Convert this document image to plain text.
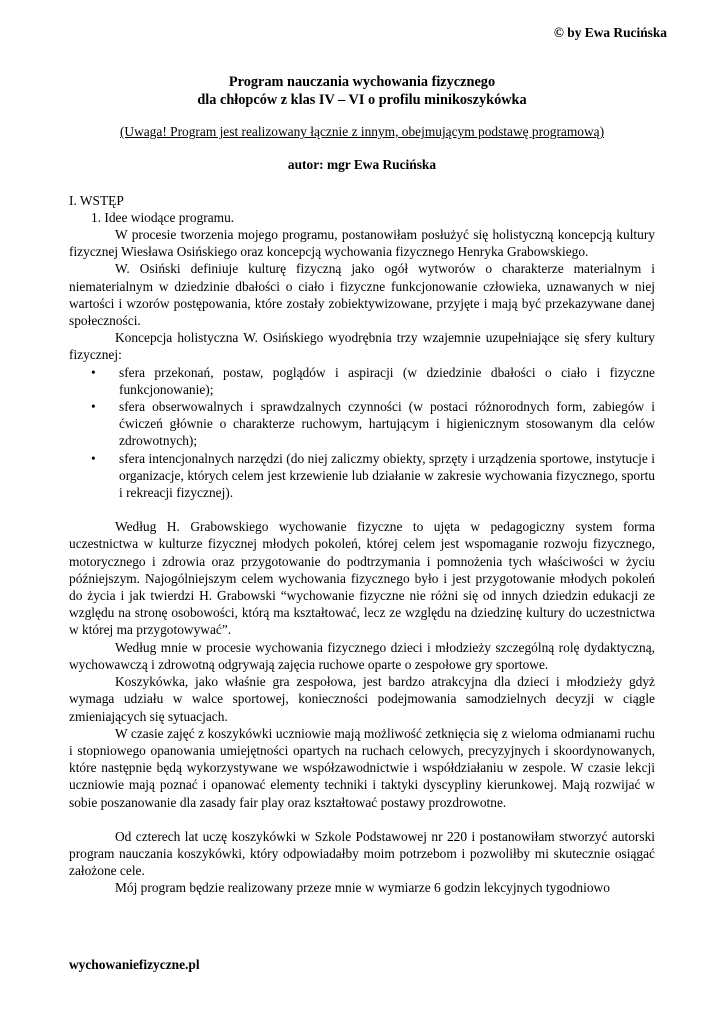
© by Ewa Rucińska

Program nauczania wychowania fizycznego
dla chłopców z klas IV – VI o profilu minikoszykówka

(Uwaga! Program jest realizowany łącznie z innym, obejmującym podstawę programową)

autor: mgr Ewa Rucińska

I. WSTĘP

1. Idee wiodące programu.

W procesie tworzenia mojego programu, postanowiłam posłużyć się holistyczną koncepcją kultury fizycznej Wiesława Osińskiego oraz koncepcją wychowania fizycznego Henryka Grabowskiego.

W. Osiński definiuje kulturę fizyczną jako ogół wytworów o charakterze materialnym i niematerialnym w dziedzinie dbałości o ciało i fizyczne funkcjonowanie człowieka, uznawanych w niej wartości i wzorów postępowania, które zostały zobiektywizowane, przyjęte i mają być przekazywane danej społeczności.

Koncepcja holistyczna W. Osińskiego wyodrębnia trzy wzajemnie uzupełniające się sfery kultury fizycznej:

• sfera przekonań, postaw, poglądów i aspiracji (w dziedzinie dbałości o ciało i fizyczne funkcjonowanie);
• sfera obserwowalnych i sprawdzalnych czynności (w postaci różnorodnych form, zabiegów i ćwiczeń głównie o charakterze ruchowym, hartującym i higienicznym stosowanym dla celów zdrowotnych);
• sfera intencjonalnych narzędzi (do niej zaliczmy obiekty, sprzęty i urządzenia sportowe, instytucje i organizacje, których celem jest krzewienie lub działanie w zakresie wychowania fizycznego, sportu i rekreacji fizycznej).

Według H. Grabowskiego wychowanie fizyczne to ujęta w pedagogiczny system forma uczestnictwa w kulturze fizycznej młodych pokoleń, której celem jest wspomaganie rozwoju fizycznego, motorycznego i zdrowia oraz przygotowanie do podtrzymania i pomnożenia tych właściwości w życiu późniejszym. Najogólniejszym celem wychowania fizycznego było i jest przygotowanie młodych pokoleń do życia i jak twierdzi H. Grabowski “wychowanie fizyczne nie różni się od innych dziedzin edukacji ze względu na stronę osobowości, którą ma kształtować, lecz ze względu na dziedzinę kultury do uczestnictwa w której ma przygotowywać”.

Według mnie w procesie wychowania fizycznego dzieci i młodzieży szczególną rolę dydaktyczną, wychowawczą i zdrowotną odgrywają zajęcia ruchowe oparte o zespołowe gry sportowe.

Koszykówka, jako właśnie gra zespołowa, jest bardzo atrakcyjna dla dzieci i młodzieży gdyż wymaga udziału w walce sportowej, konieczności podejmowania samodzielnych decyzji w ciągle zmieniających się sytuacjach.

W czasie zajęć z koszykówki uczniowie mają możliwość zetknięcia się z wieloma odmianami ruchu i stopniowego opanowania umiejętności opartych na ruchach celowych, precyzyjnych i skoordynowanych, które następnie będą wykorzystywane we współzawodnictwie i współdziałaniu w zespole. W czasie lekcji uczniowie mają poznać i opanować elementy techniki i taktyki dyscypliny kierunkowej. Mają rozwijać w sobie poszanowanie dla zasady fair play oraz kształtować postawy prozdrowotne.

Od czterech lat uczę koszykówki w Szkole Podstawowej nr 220 i postanowiłam stworzyć autorski program nauczania koszykówki, który odpowiadałby moim potrzebom i pozwoliłby mi skutecznie osiągać założone cele.

Mój program będzie realizowany przeze mnie w wymiarze 6 godzin lekcyjnych tygodniowo

wychowaniefizyczne.pl
